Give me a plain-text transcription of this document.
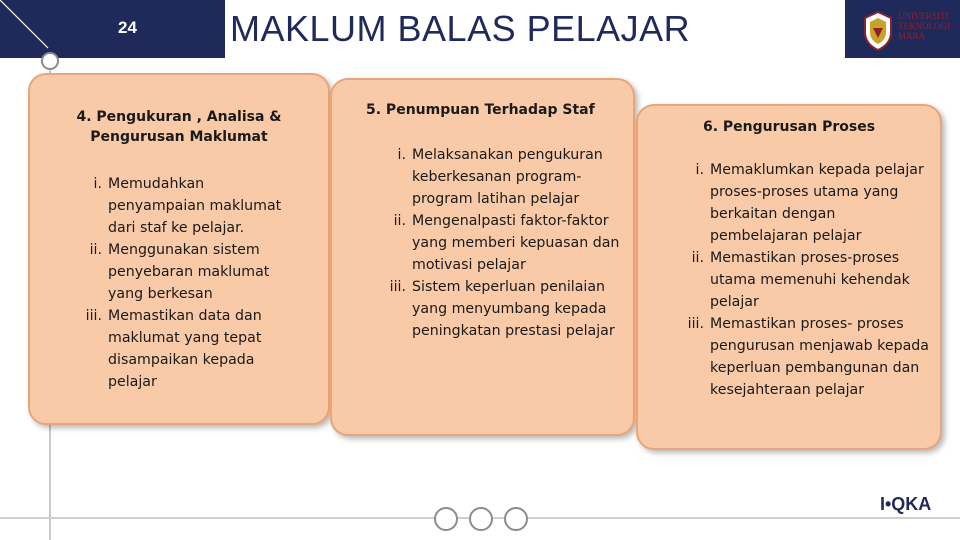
24	MAKLUM BALAS PELAJAR	UNIVERSITI
TEKNOLOGI
MARA
4. Pengukuran , Analisa & Pengurusan Maklumat
i. Memudahkan penyampaian maklumat dari staf ke pelajar.
ii. Menggunakan sistem penyebaran maklumat yang berkesan
iii. Memastikan data dan maklumat yang tepat disampaikan kepada pelajar
5. Penumpuan Terhadap Staf
i. Melaksanakan pengukuran keberkesanan program-program latihan pelajar
ii. Mengenalpasti faktor-faktor yang memberi kepuasan dan motivasi pelajar
iii. Sistem keperluan penilaian yang menyumbang kepada peningkatan prestasi pelajar
6. Pengurusan Proses
i. Memaklumkan kepada pelajar proses-proses utama yang berkaitan dengan pembelajaran pelajar
ii. Memastikan proses-proses utama memenuhi kehendak pelajar
iii. Memastikan proses- proses pengurusan menjawab kepada keperluan pembangunan dan kesejahteraan pelajar
I•QKA
